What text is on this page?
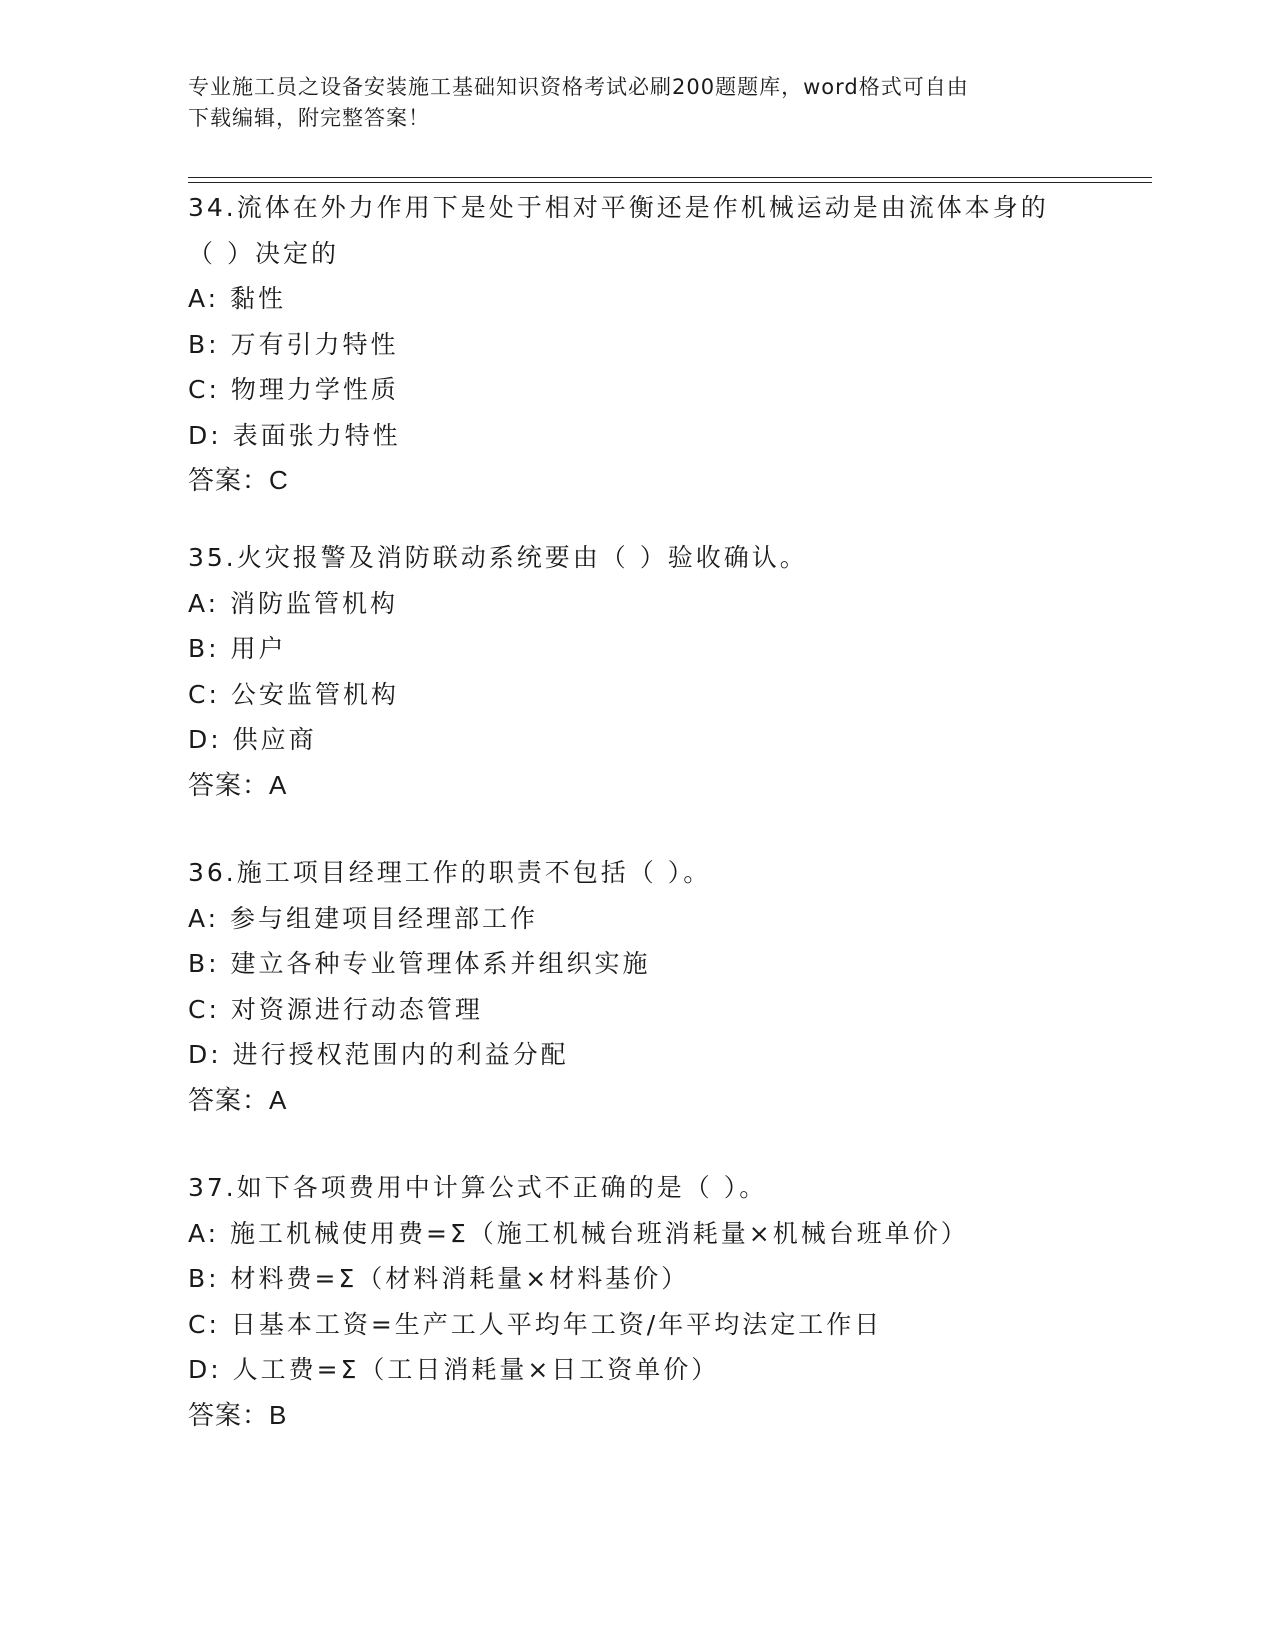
专业施工员之设备安装施工基础知识资格考试必刷200题题库，word格式可自由
下载编辑，附完整答案！
34.流体在外力作用下是处于相对平衡还是作机械运动是由流体本身的
（ ）决定的
A: 黏性
B: 万有引力特性
C: 物理力学性质
D: 表面张力特性
答案：C
35.火灾报警及消防联动系统要由（ ）验收确认。
A: 消防监管机构
B: 用户
C: 公安监管机构
D: 供应商
答案：A
36.施工项目经理工作的职责不包括（ ）。
A: 参与组建项目经理部工作
B: 建立各种专业管理体系并组织实施
C: 对资源进行动态管理
D: 进行授权范围内的利益分配
答案：A
37.如下各项费用中计算公式不正确的是（ ）。
A: 施工机械使用费=Σ（施工机械台班消耗量×机械台班单价）
B: 材料费=Σ（材料消耗量×材料基价）
C: 日基本工资=生产工人平均年工资/年平均法定工作日
D: 人工费=Σ（工日消耗量×日工资单价）
答案：B
